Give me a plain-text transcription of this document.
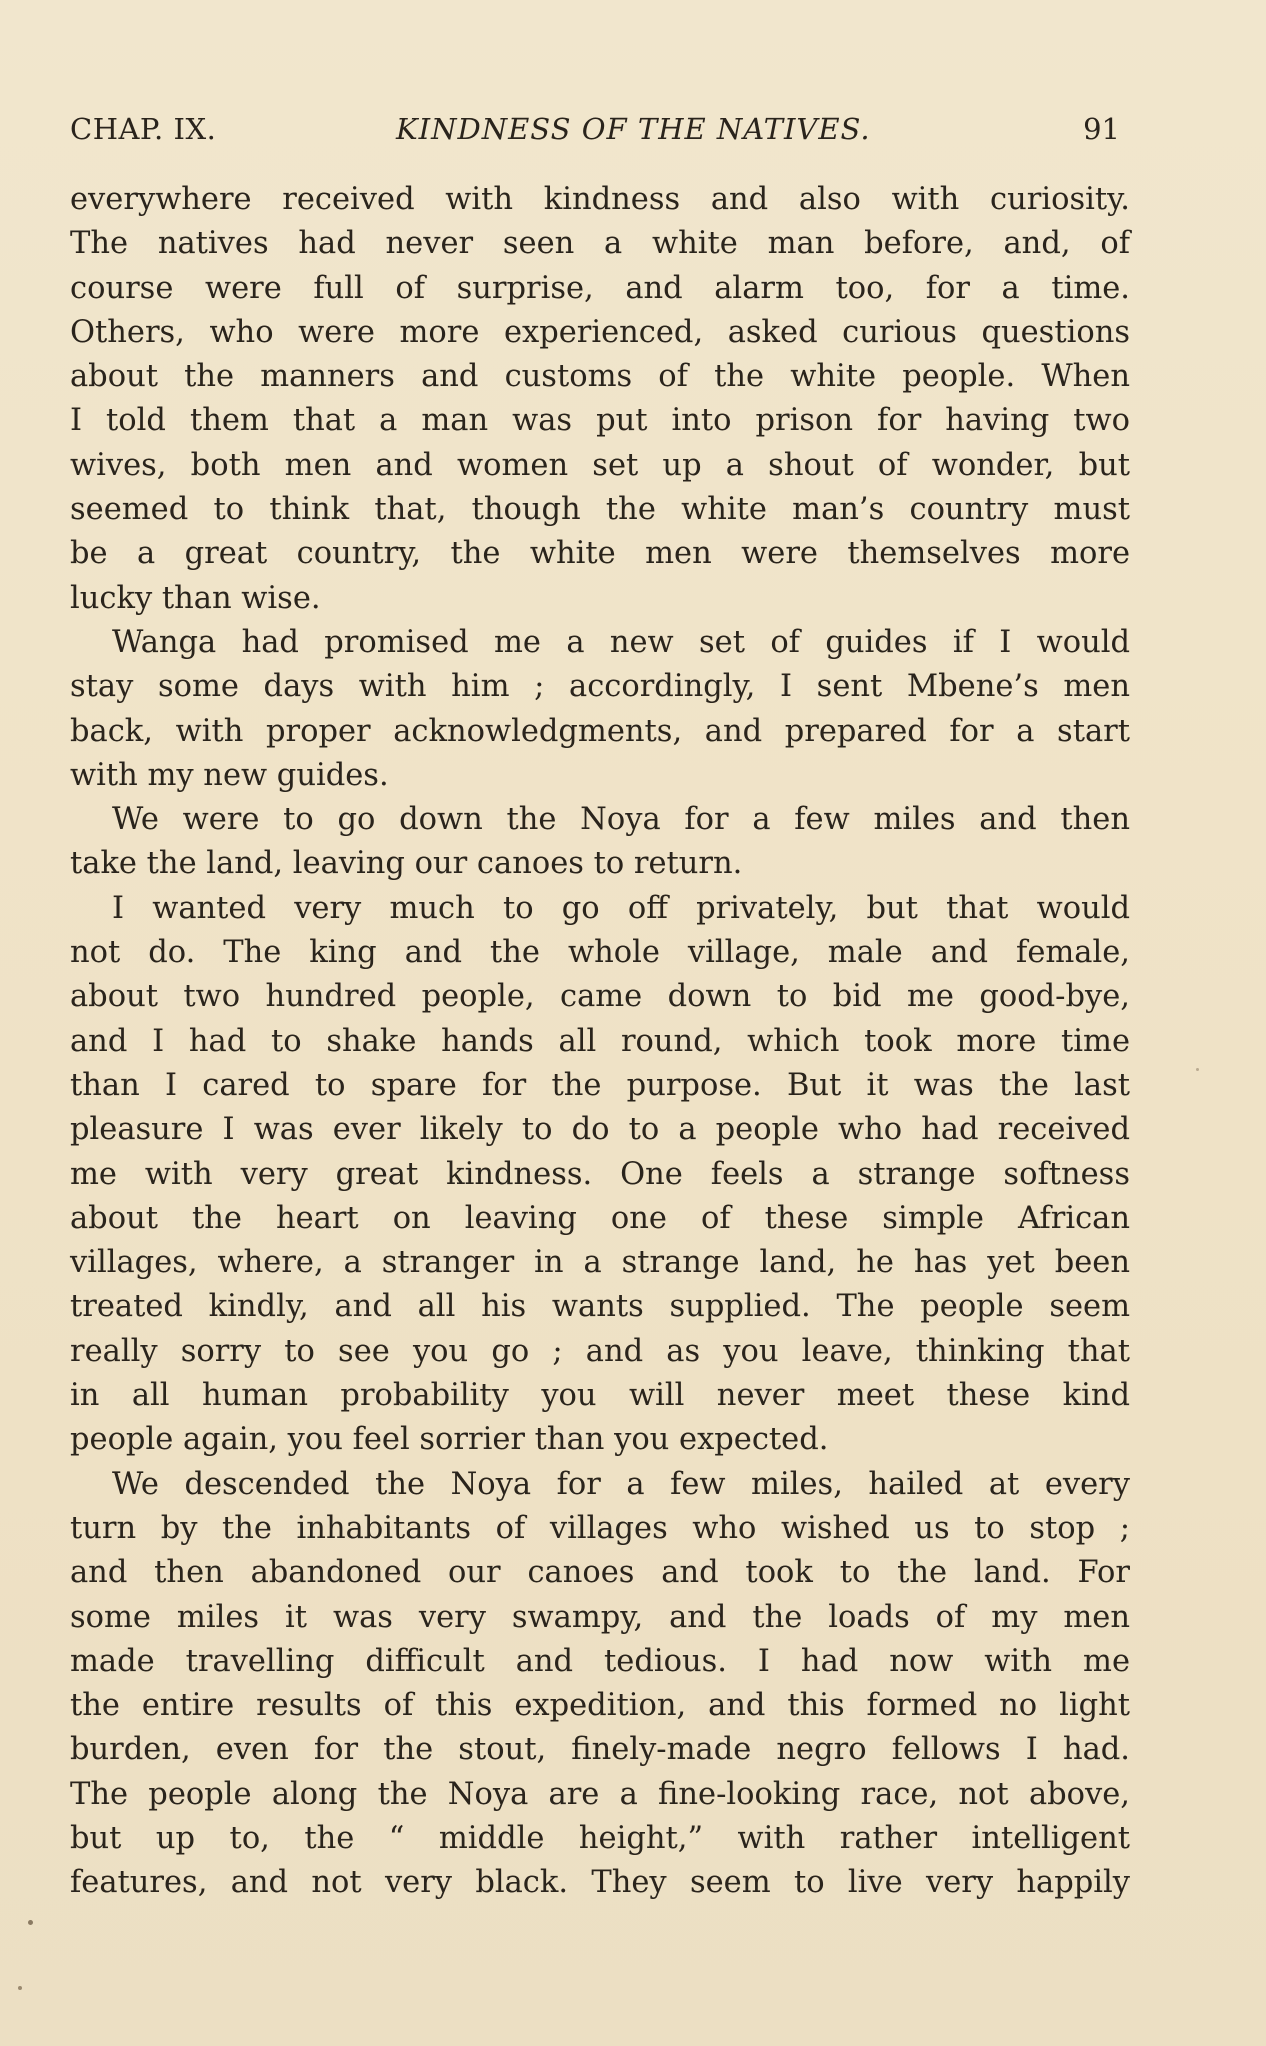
CHAP. IX.	KINDNESS OF THE NATIVES.	91
everywhere received with kindness and also with curiosity.
The natives had never seen a white man before, and, of
course were full of surprise, and alarm too, for a time.
Others, who were more experienced, asked curious questions
about the manners and customs of the white people. When
I told them that a man was put into prison for having two
wives, both men and women set up a shout of wonder, but
seemed to think that, though the white man’s country must
be a great country, the white men were themselves more
lucky than wise.
Wanga had promised me a new set of guides if I would
stay some days with him ; accordingly, I sent Mbene’s men
back, with proper acknowledgments, and prepared for a start
with my new guides.
We were to go down the Noya for a few miles and then
take the land, leaving our canoes to return.
I wanted very much to go off privately, but that would
not do. The king and the whole village, male and female,
about two hundred people, came down to bid me good-bye,
and I had to shake hands all round, which took more time
than I cared to spare for the purpose. But it was the last
pleasure I was ever likely to do to a people who had received
me with very great kindness. One feels a strange softness
about the heart on leaving one of these simple African
villages, where, a stranger in a strange land, he has yet been
treated kindly, and all his wants supplied. The people seem
really sorry to see you go ; and as you leave, thinking that
in all human probability you will never meet these kind
people again, you feel sorrier than you expected.
We descended the Noya for a few miles, hailed at every
turn by the inhabitants of villages who wished us to stop ;
and then abandoned our canoes and took to the land. For
some miles it was very swampy, and the loads of my men
made travelling difficult and tedious. I had now with me
the entire results of this expedition, and this formed no light
burden, even for the stout, finely-made negro fellows I had.
The people along the Noya are a fine-looking race, not above,
but up to, the “ middle height,” with rather intelligent
features, and not very black. They seem to live very happily
